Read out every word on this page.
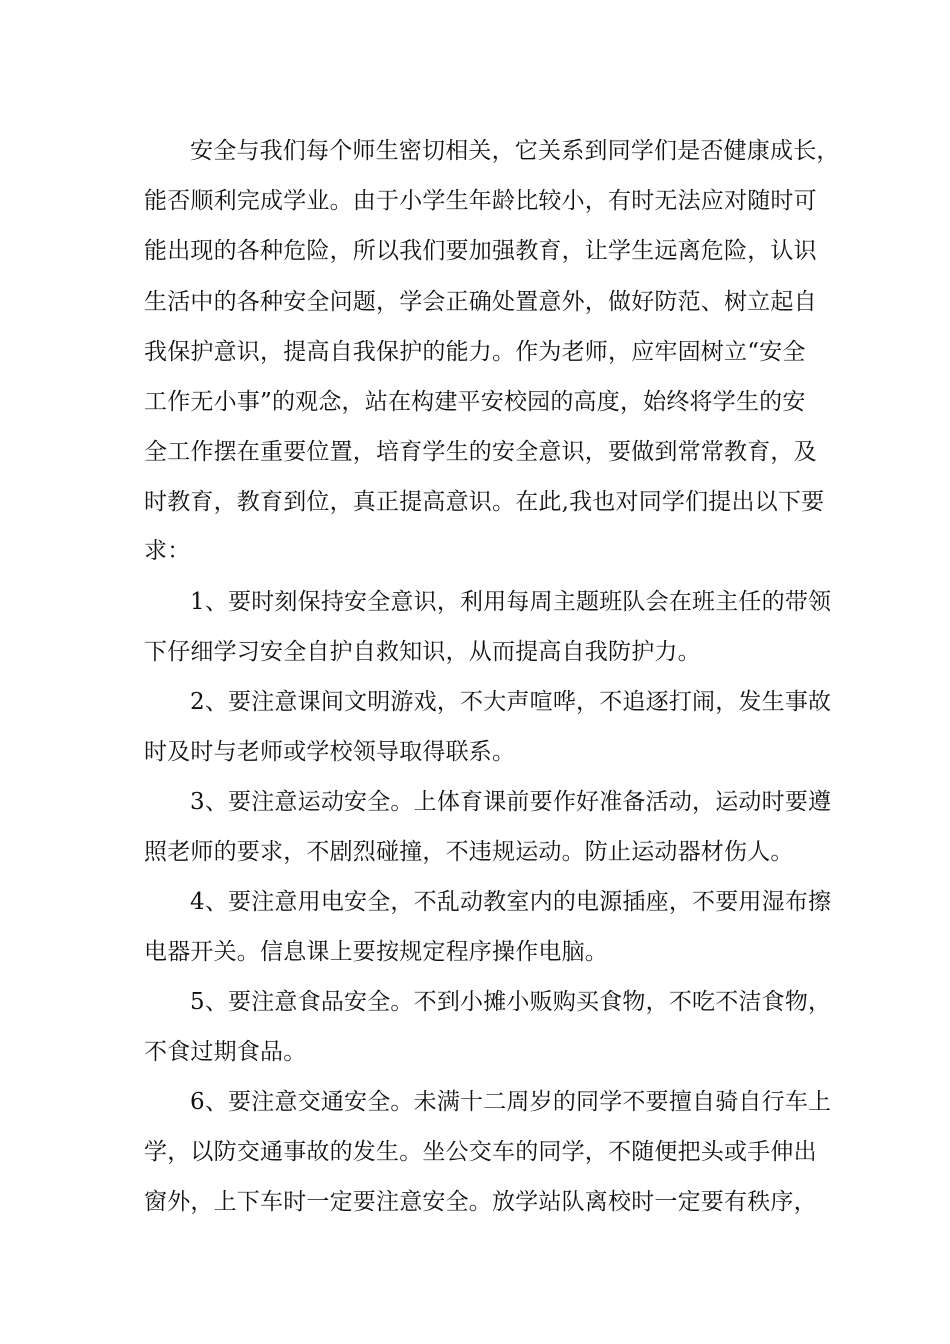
安全与我们每个师生密切相关，它关系到同学们是否健康成长，
能否顺利完成学业。由于小学生年龄比较小，有时无法应对随时可
能出现的各种危险，所以我们要加强教育，让学生远离危险，认识
生活中的各种安全问题，学会正确处置意外，做好防范、树立起自
我保护意识，提高自我保护的能力。作为老师，应牢固树立“安全
工作无小事”的观念，站在构建平安校园的高度，始终将学生的安
全工作摆在重要位置，培育学生的安全意识，要做到常常教育，及
时教育，教育到位，真正提高意识。在此,我也对同学们提出以下要
求：
1、要时刻保持安全意识，利用每周主题班队会在班主任的带领
下仔细学习安全自护自救知识，从而提高自我防护力。
2、要注意课间文明游戏，不大声喧哗，不追逐打闹，发生事故
时及时与老师或学校领导取得联系。
3、要注意运动安全。上体育课前要作好准备活动，运动时要遵
照老师的要求，不剧烈碰撞，不违规运动。防止运动器材伤人。
4、要注意用电安全，不乱动教室内的电源插座，不要用湿布擦
电器开关。信息课上要按规定程序操作电脑。
5、要注意食品安全。不到小摊小贩购买食物，不吃不洁食物，
不食过期食品。
6、要注意交通安全。未满十二周岁的同学不要擅自骑自行车上
学，以防交通事故的发生。坐公交车的同学，不随便把头或手伸出
窗外，上下车时一定要注意安全。放学站队离校时一定要有秩序，
